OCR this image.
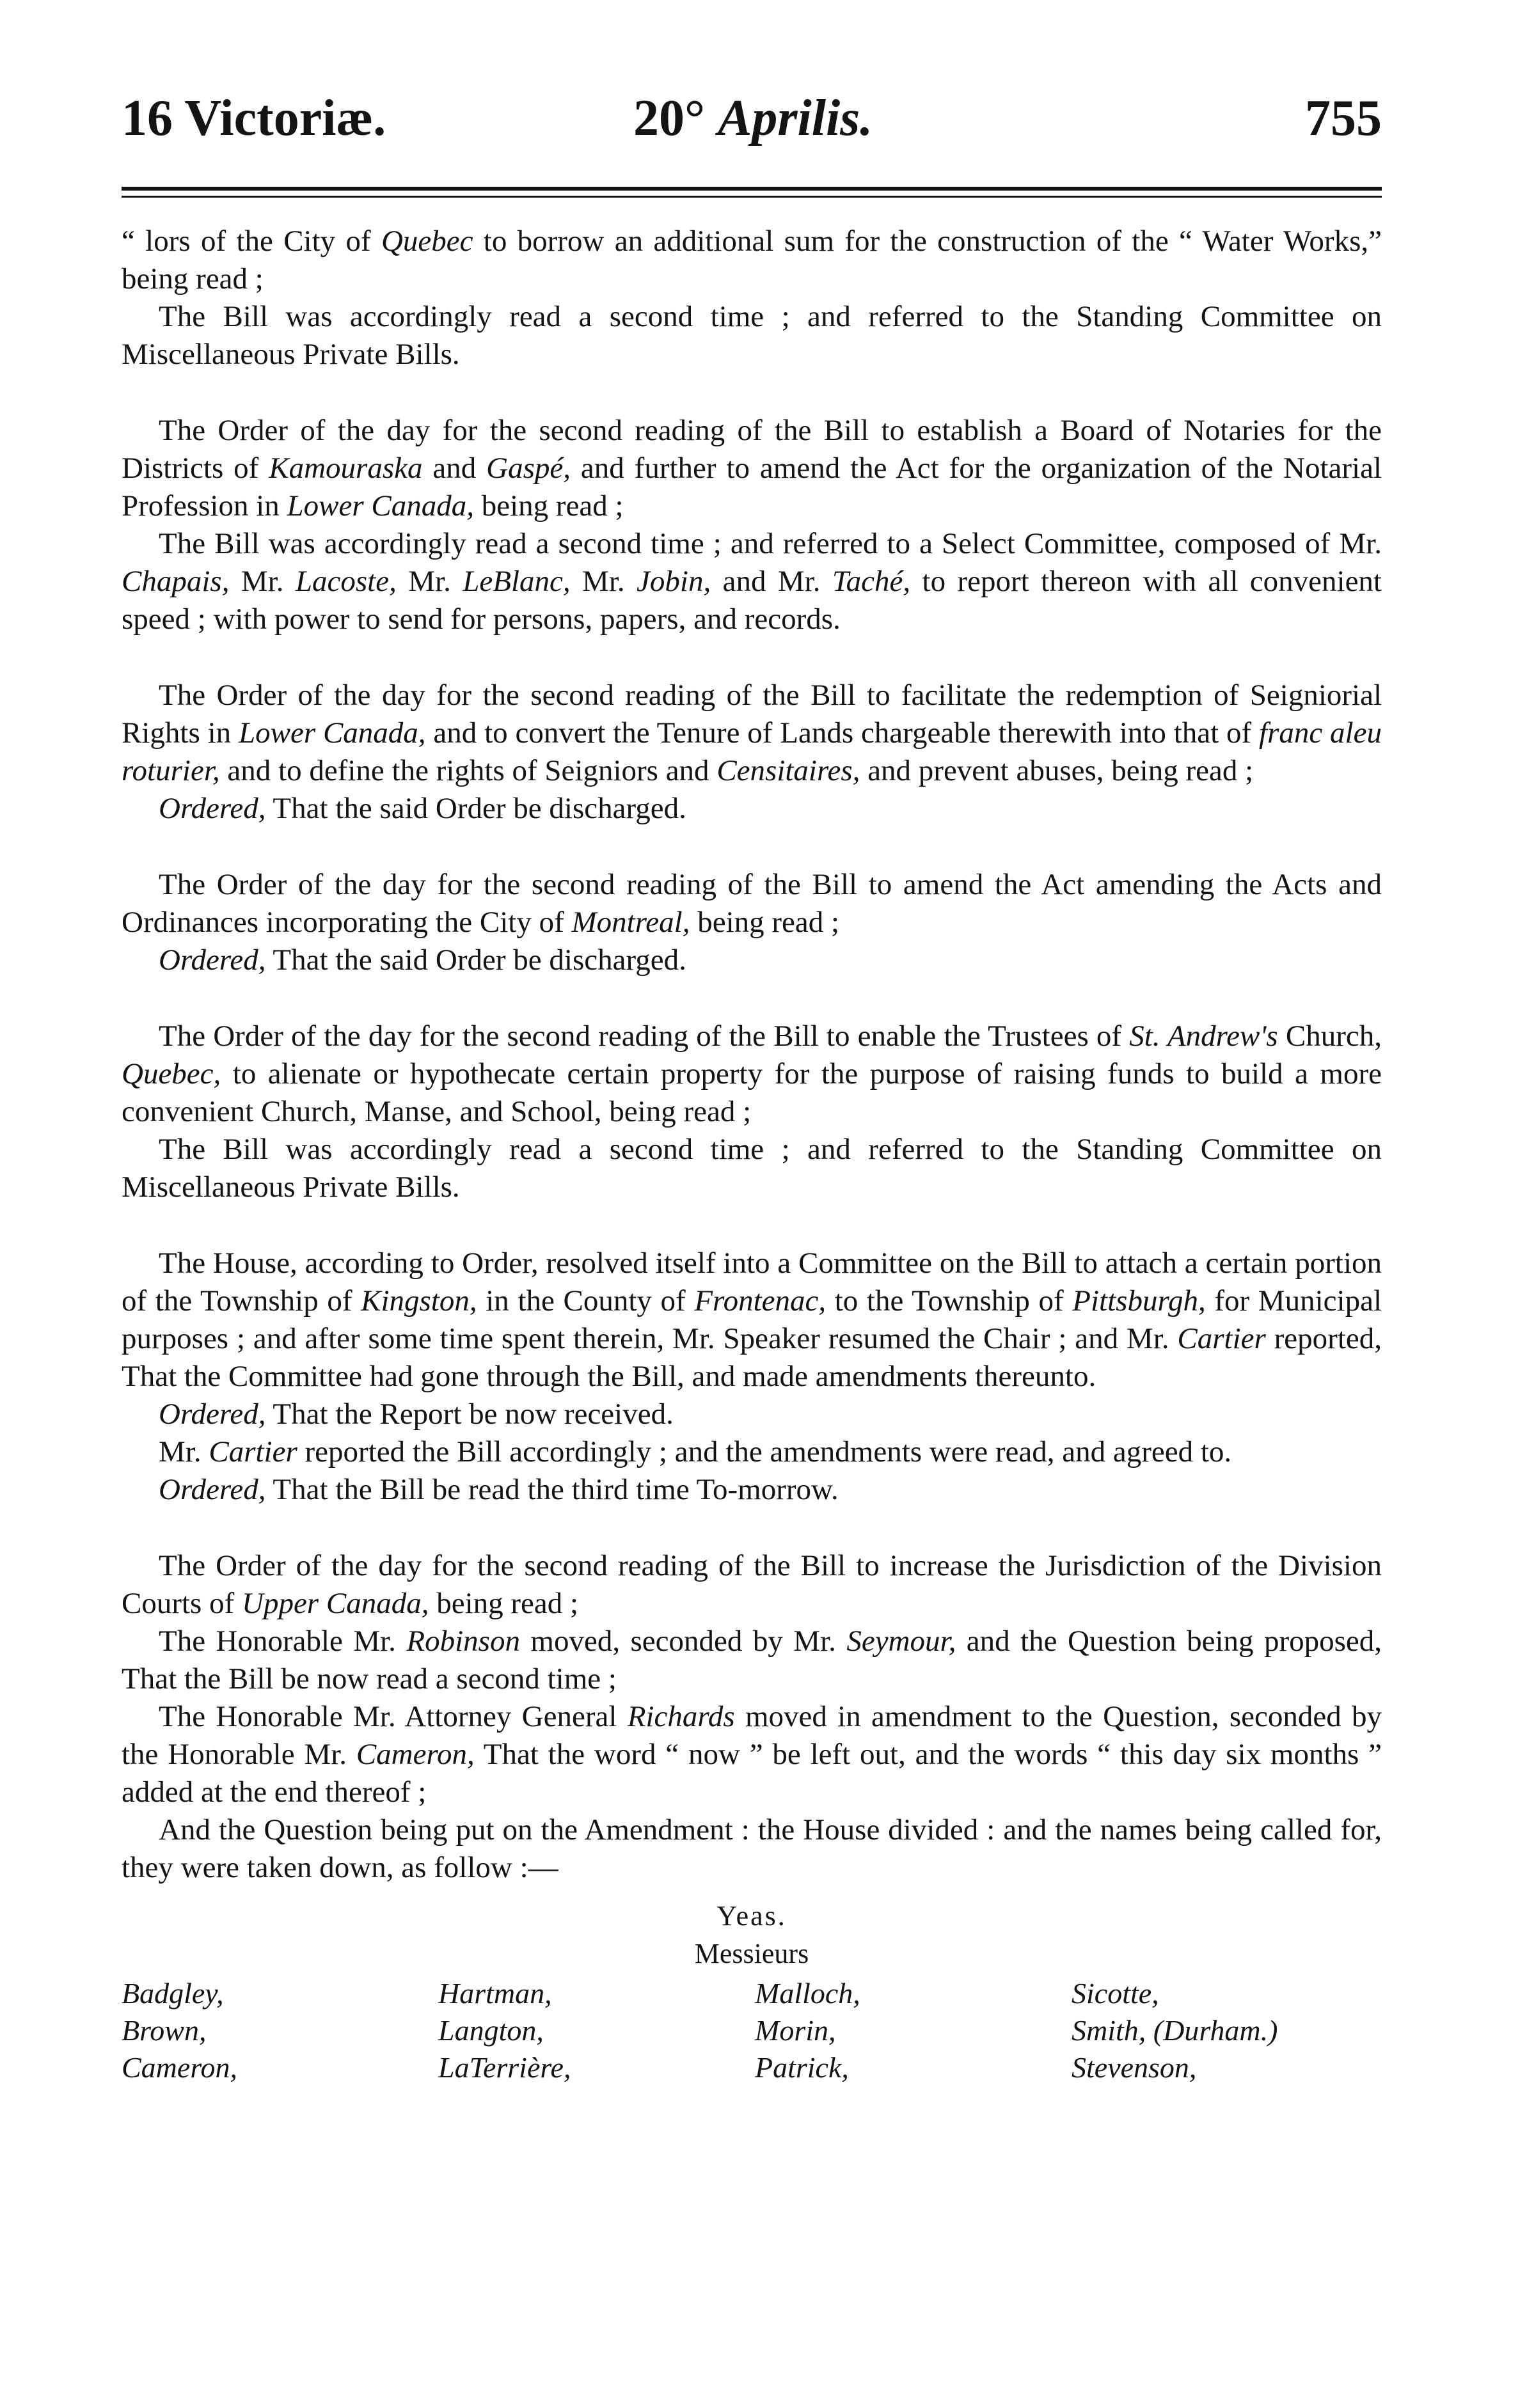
16 Victoriæ.	20° Aprilis.	755

“ lors of the City of Quebec to borrow an additional sum for the construction of the “ Water Works,” being read ;

The Bill was accordingly read a second time ; and referred to the Standing Committee on Miscellaneous Private Bills.

The Order of the day for the second reading of the Bill to establish a Board of Notaries for the Districts of Kamouraska and Gaspé, and further to amend the Act for the organization of the Notarial Profession in Lower Canada, being read ;

The Bill was accordingly read a second time ; and referred to a Select Committee, composed of Mr. Chapais, Mr. Lacoste, Mr. LeBlanc, Mr. Jobin, and Mr. Taché, to report thereon with all convenient speed ; with power to send for persons, papers, and records.

The Order of the day for the second reading of the Bill to facilitate the redemption of Seigniorial Rights in Lower Canada, and to convert the Tenure of Lands chargeable therewith into that of franc aleu roturier, and to define the rights of Seigniors and Censitaires, and prevent abuses, being read ;

Ordered, That the said Order be discharged.

The Order of the day for the second reading of the Bill to amend the Act amending the Acts and Ordinances incorporating the City of Montreal, being read ;

Ordered, That the said Order be discharged.

The Order of the day for the second reading of the Bill to enable the Trustees of St. Andrew's Church, Quebec, to alienate or hypothecate certain property for the purpose of raising funds to build a more convenient Church, Manse, and School, being read ;

The Bill was accordingly read a second time ; and referred to the Standing Committee on Miscellaneous Private Bills.

The House, according to Order, resolved itself into a Committee on the Bill to attach a certain portion of the Township of Kingston, in the County of Frontenac, to the Township of Pittsburgh, for Municipal purposes ; and after some time spent therein, Mr. Speaker resumed the Chair ; and Mr. Cartier reported, That the Committee had gone through the Bill, and made amendments thereunto.

Ordered, That the Report be now received.

Mr. Cartier reported the Bill accordingly ; and the amendments were read, and agreed to.

Ordered, That the Bill be read the third time To-morrow.

The Order of the day for the second reading of the Bill to increase the Jurisdiction of the Division Courts of Upper Canada, being read ;

The Honorable Mr. Robinson moved, seconded by Mr. Seymour, and the Question being proposed, That the Bill be now read a second time ;

The Honorable Mr. Attorney General Richards moved in amendment to the Question, seconded by the Honorable Mr. Cameron, That the word “ now ” be left out, and the words “ this day six months ” added at the end thereof ;

And the Question being put on the Amendment : the House divided : and the names being called for, they were taken down, as follow :—

Yeas.
Messieurs
Badgley,	Hartman,	Malloch,	Sicotte,
Brown,	Langton,	Morin,	Smith, (Durham.)
Cameron,	LaTerrière,	Patrick,	Stevenson,
